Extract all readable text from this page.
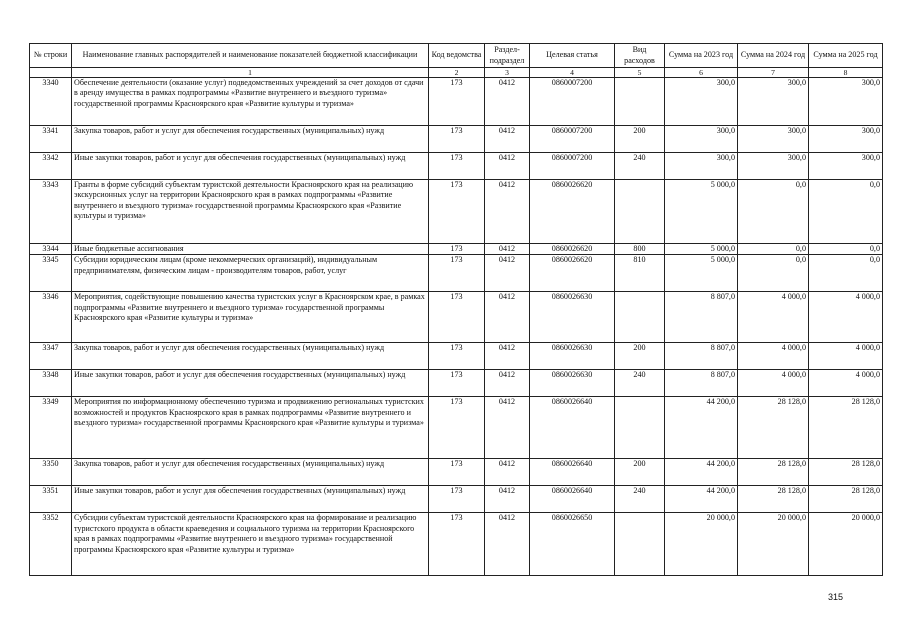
№ строки	Наименование главных распорядителей и наименование показателей бюджетной классификации	Код ведомства	Раздел-подраздел	Целевая статья	Вид расходов	Сумма на 2023 год	Сумма на 2024 год	Сумма на 2025 год
	1	2	3	4	5	6	7	8
3340	Обеспечение деятельности (оказание услуг) подведомственных учреждений за счет доходов от сдачи в аренду имущества в рамках подпрограммы «Развитие внутреннего и въездного туризма» государственной программы Красноярского края «Развитие культуры и туризма»	173	0412	0860007200		300,0	300,0	300,0
3341	Закупка товаров, работ и услуг для обеспечения государственных (муниципальных) нужд	173	0412	0860007200	200	300,0	300,0	300,0
3342	Иные закупки товаров, работ и услуг для обеспечения государственных (муниципальных) нужд	173	0412	0860007200	240	300,0	300,0	300,0
3343	Гранты в форме субсидий субъектам туристской деятельности Красноярского края на реализацию экскурсионных услуг на территории Красноярского края в рамках подпрограммы «Развитие внутреннего и въездного туризма» государственной программы Красноярского края «Развитие культуры и туризма»	173	0412	0860026620		5 000,0	0,0	0,0
3344	Иные бюджетные ассигнования	173	0412	0860026620	800	5 000,0	0,0	0,0
3345	Субсидии юридическим лицам (кроме некоммерческих организаций), индивидуальным предпринимателям, физическим лицам - производителям товаров, работ, услуг	173	0412	0860026620	810	5 000,0	0,0	0,0
3346	Мероприятия, содействующие повышению качества туристских услуг в Красноярском крае, в рамках подпрограммы «Развитие внутреннего и въездного туризма» государственной программы Красноярского края «Развитие культуры и туризма»	173	0412	0860026630		8 807,0	4 000,0	4 000,0
3347	Закупка товаров, работ и услуг для обеспечения государственных (муниципальных) нужд	173	0412	0860026630	200	8 807,0	4 000,0	4 000,0
3348	Иные закупки товаров, работ и услуг для обеспечения государственных (муниципальных) нужд	173	0412	0860026630	240	8 807,0	4 000,0	4 000,0
3349	Мероприятия по информационному обеспечению туризма и продвижению региональных туристских возможностей и продуктов Красноярского края в рамках подпрограммы «Развитие внутреннего и въездного туризма» государственной программы Красноярского края «Развитие культуры и туризма»	173	0412	0860026640		44 200,0	28 128,0	28 128,0
3350	Закупка товаров, работ и услуг для обеспечения государственных (муниципальных) нужд	173	0412	0860026640	200	44 200,0	28 128,0	28 128,0
3351	Иные закупки товаров, работ и услуг для обеспечения государственных (муниципальных) нужд	173	0412	0860026640	240	44 200,0	28 128,0	28 128,0
3352	Субсидии субъектам туристской деятельности Красноярского края на формирование и реализацию туристского продукта в области краеведения и социального туризма на территории Красноярского края в рамках подпрограммы «Развитие внутреннего и въездного туризма» государственной программы Красноярского края «Развитие культуры и туризма»	173	0412	0860026650		20 000,0	20 000,0	20 000,0
315
